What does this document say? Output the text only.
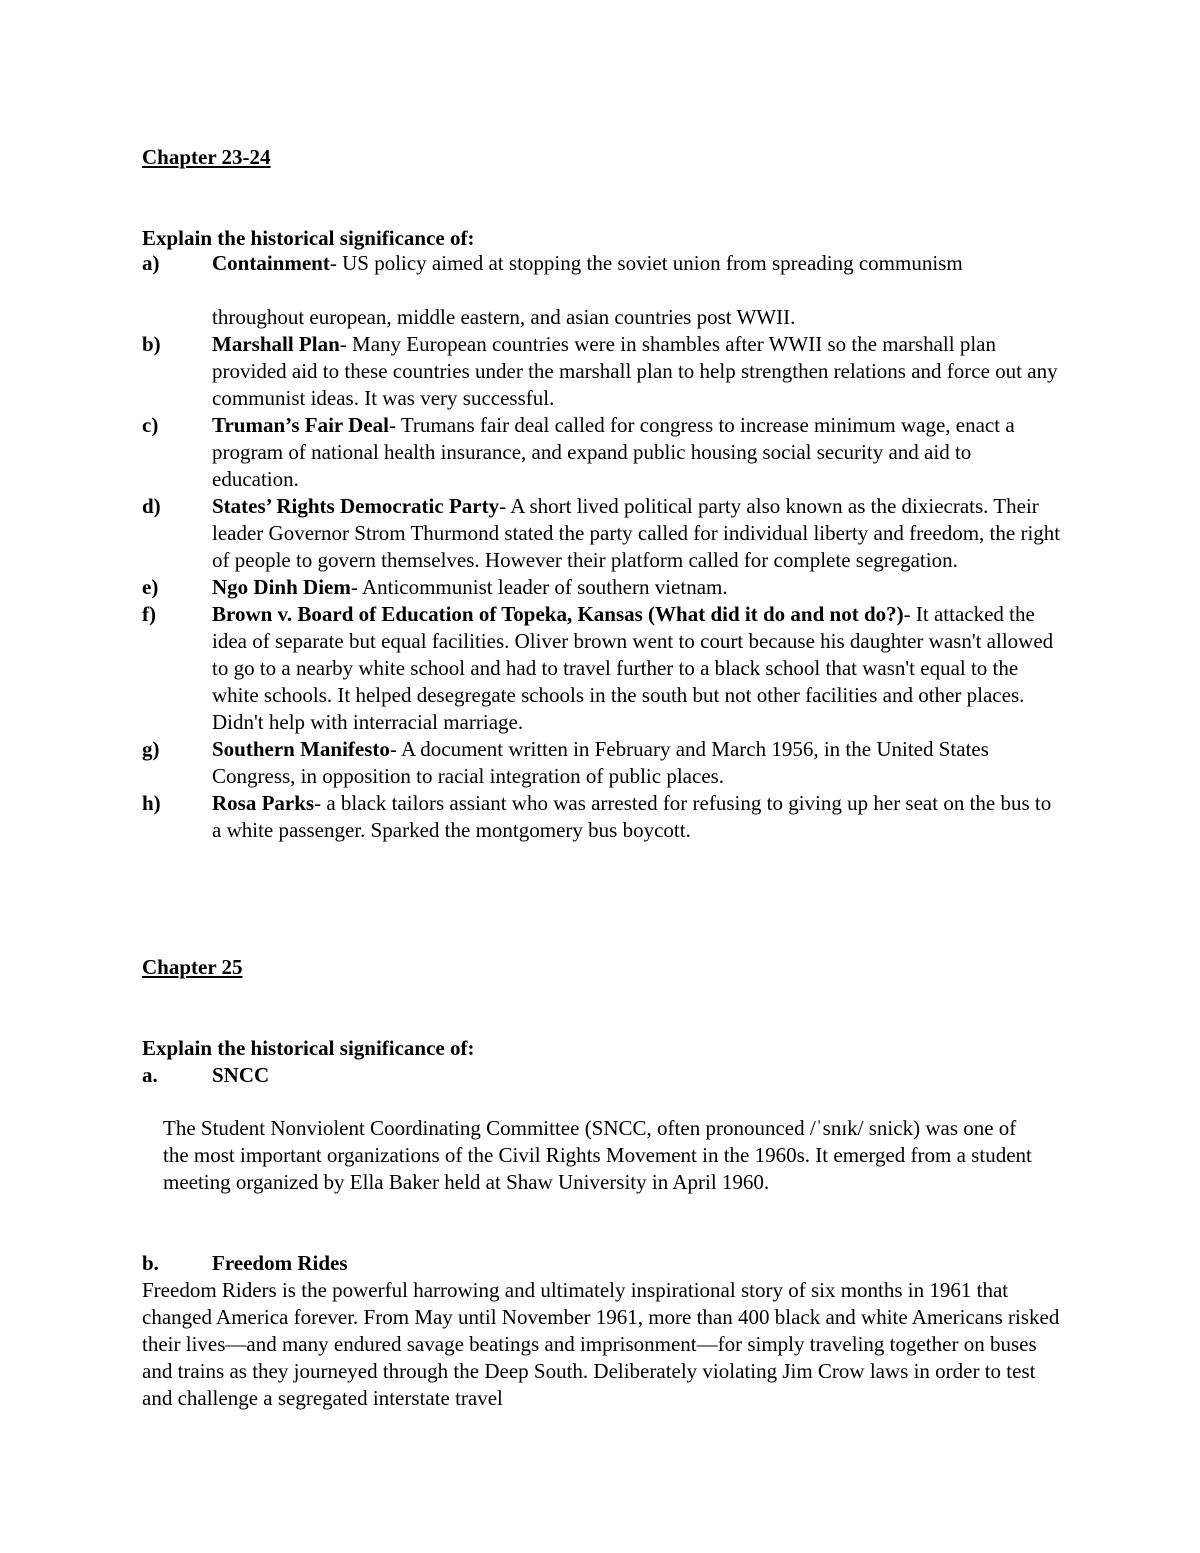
Chapter 23-24

Explain the historical significance of:

a)	Containment- US policy aimed at stopping the soviet union from spreading communism
throughout european, middle eastern, and asian countries post WWII.
b)	Marshall Plan- Many European countries were in shambles after WWII so the marshall plan provided aid to these countries under the marshall plan to help strengthen relations and force out any communist ideas. It was very successful.
c)	Truman’s Fair Deal- Trumans fair deal called for congress to increase minimum wage, enact a program of national health insurance, and expand public housing social security and aid to education.
d)	States’ Rights Democratic Party- A short lived political party also known as the dixiecrats. Their leader Governor Strom Thurmond stated the party called for individual liberty and freedom, the right of people to govern themselves. However their platform called for complete segregation.
e)	Ngo Dinh Diem- Anticommunist leader of southern vietnam.
f)	Brown v. Board of Education of Topeka, Kansas (What did it do and not do?)- It attacked the idea of separate but equal facilities. Oliver brown went to court because his daughter wasn't allowed to go to a nearby white school and had to travel further to a black school that wasn't equal to the white schools. It helped desegregate schools in the south but not other facilities and other places. Didn't help with interracial marriage.
g)	Southern Manifesto- A document written in February and March 1956, in the United States Congress, in opposition to racial integration of public places.
h)	Rosa Parks- a black tailors assiant who was arrested for refusing to giving up her seat on the bus to a white passenger. Sparked the montgomery bus boycott.
Chapter 25

Explain the historical significance of:

a.	SNCC

The Student Nonviolent Coordinating Committee (SNCC, often pronounced /ˈsnɪk/ snick) was one of the most important organizations of the Civil Rights Movement in the 1960s. It emerged from a student meeting organized by Ella Baker held at Shaw University in April 1960.

b.	Freedom Rides

Freedom Riders is the powerful harrowing and ultimately inspirational story of six months in 1961 that changed America forever. From May until November 1961, more than 400 black and white Americans risked their lives—and many endured savage beatings and imprisonment—for simply traveling together on buses and trains as they journeyed through the Deep South. Deliberately violating Jim Crow laws in order to test and challenge a segregated interstate travel
